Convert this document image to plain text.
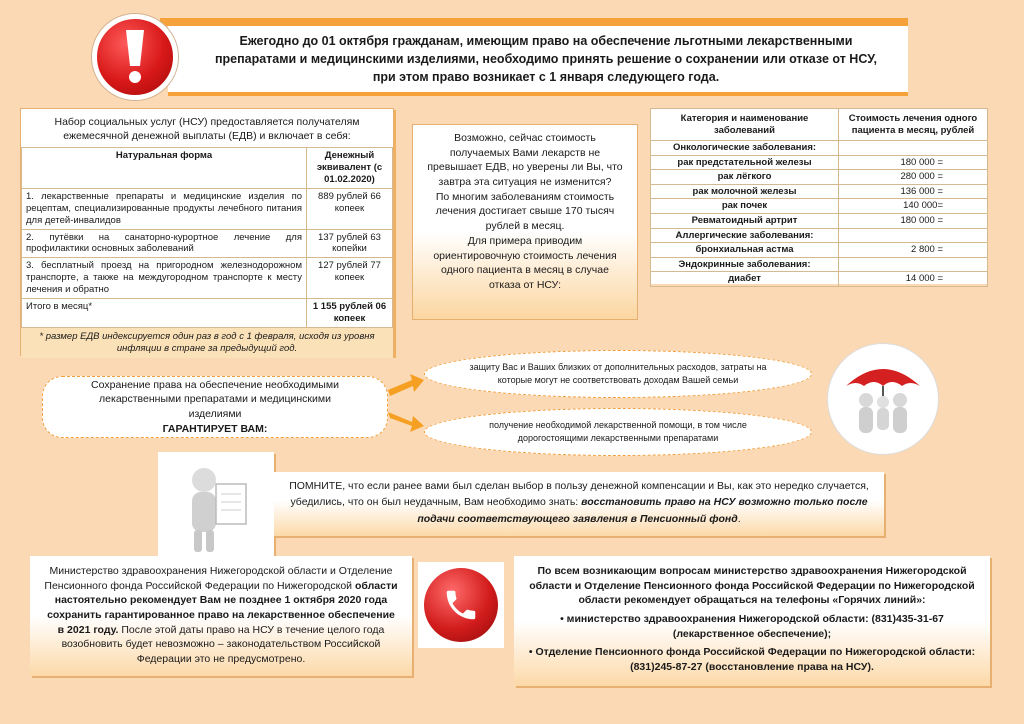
Ежегодно до 01 октября гражданам, имеющим право на обеспечение льготными лекарственными препаратами и медицинскими изделиями, необходимо принять решение о сохранении или отказе от НСУ, при этом право возникает с 1 января следующего года.
Набор социальных услуг (НСУ) предоставляется получателям ежемесячной денежной выплаты (ЕДВ) и включает в себя:
Натуральная форма	Денежный эквивалент (с 01.02.2020)
1. лекарственные препараты и медицинские изделия по рецептам, специализированные продукты лечебного питания для детей-инвалидов	889 рублей 66 копеек
2. путёвки на санаторно-курортное лечение для профилактики основных заболеваний	137 рублей 63 копейки
3. бесплатный проезд на пригородном железнодорожном транспорте, а также на междугородном транспорте к месту лечения и обратно	127 рублей 77 копеек
Итого в месяц*	1 155 рублей 06 копеек
* размер ЕДВ индексируется один раз в год с 1 февраля, исходя из уровня инфляции в стране за предыдущий год.
Возможно, сейчас стоимость получаемых Вами лекарств не превышает ЕДВ, но уверены ли Вы, что завтра эта ситуация не изменится?
По многим заболеваниям стоимость лечения достигает свыше 170 тысяч рублей в месяц.
Для примера приводим ориентировочную стоимость лечения одного пациента в месяц в случае отказа от НСУ:
Категория и наименование заболеваний	Стоимость лечения одного пациента в месяц, рублей
Онкологические заболевания:	
рак предстательной железы	180 000 =
рак лёгкого	280 000 =
рак молочной железы	136 000 =
рак почек	140 000=
Ревматоидный артрит	180 000 =
Аллергические заболевания:	
бронхиальная астма	2 800 =
Эндокринные заболевания:	
диабет	14 000 =
Сохранение права на обеспечение необходимыми лекарственными препаратами и медицинскими изделиями
ГАРАНТИРУЕТ ВАМ:
защиту Вас и Ваших близких от дополнительных расходов, затраты на которые могут не соответствовать доходам Вашей семьи
получение необходимой лекарственной помощи, в том числе дорогостоящими лекарственными препаратами
ПОМНИТЕ, что если ранее вами был сделан выбор в пользу денежной компенсации и Вы, как это нередко случается, убедились, что он был неудачным, Вам необходимо знать: восстановить право на НСУ возможно только после подачи соответствующего заявления в Пенсионный фонд.
Министерство здравоохранения Нижегородской области и Отделение Пенсионного фонда Российской Федерации по Нижегородской области настоятельно рекомендует Вам не позднее 1 октября 2020 года сохранить гарантированное право на лекарственное обеспечение в 2021 году. После этой даты право на НСУ в течение целого года возобновить будет невозможно – законодательством Российской Федерации это не предусмотрено.
По всем возникающим вопросам министерство здравоохранения Нижегородской области и Отделение Пенсионного фонда Российской Федерации по Нижегородской области рекомендует обращаться на телефоны «Горячих линий»:
• министерство здравоохранения Нижегородской области: (831)435-31-67 (лекарственное обеспечение);
• Отделение Пенсионного фонда Российской Федерации по Нижегородской области: (831)245-87-27 (восстановление права на НСУ).
